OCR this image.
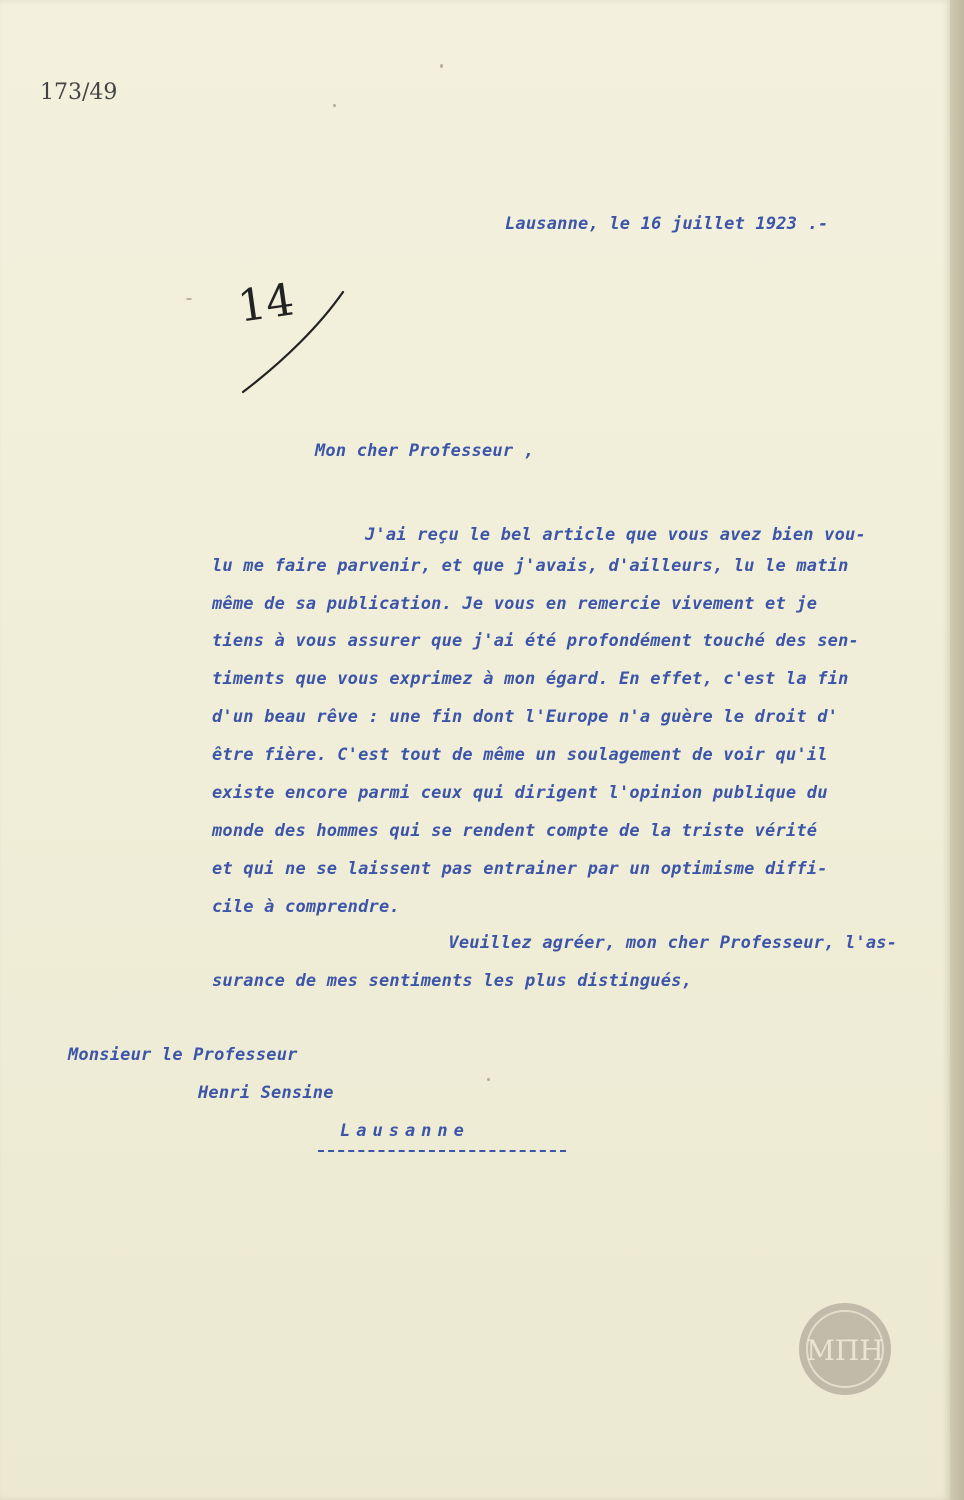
173/49

Lausanne, le 16 juillet 1923 .-

14

Mon cher Professeur ,

J'ai reçu le bel article que vous avez bien vou-

lu me faire parvenir, et que j'avais, d'ailleurs, lu le matin

même de sa publication. Je vous en remercie vivement et je

tiens à vous assurer que j'ai été profondément touché des sen-

timents que vous exprimez à mon égard. En effet, c'est la fin

d'un beau rêve : une fin dont l'Europe n'a guère le droit d'

être fière. C'est tout de même un soulagement de voir qu'il

existe encore parmi ceux qui dirigent l'opinion publique du

monde des hommes qui se rendent compte de la triste vérité

et qui ne se laissent pas entrainer par un optimisme diffi-

cile à comprendre.

Veuillez agréer, mon cher Professeur, l'as-

surance de mes sentiments les plus distingués,

Monsieur le Professeur

Henri Sensine

Lausanne

ΜΠΗ
